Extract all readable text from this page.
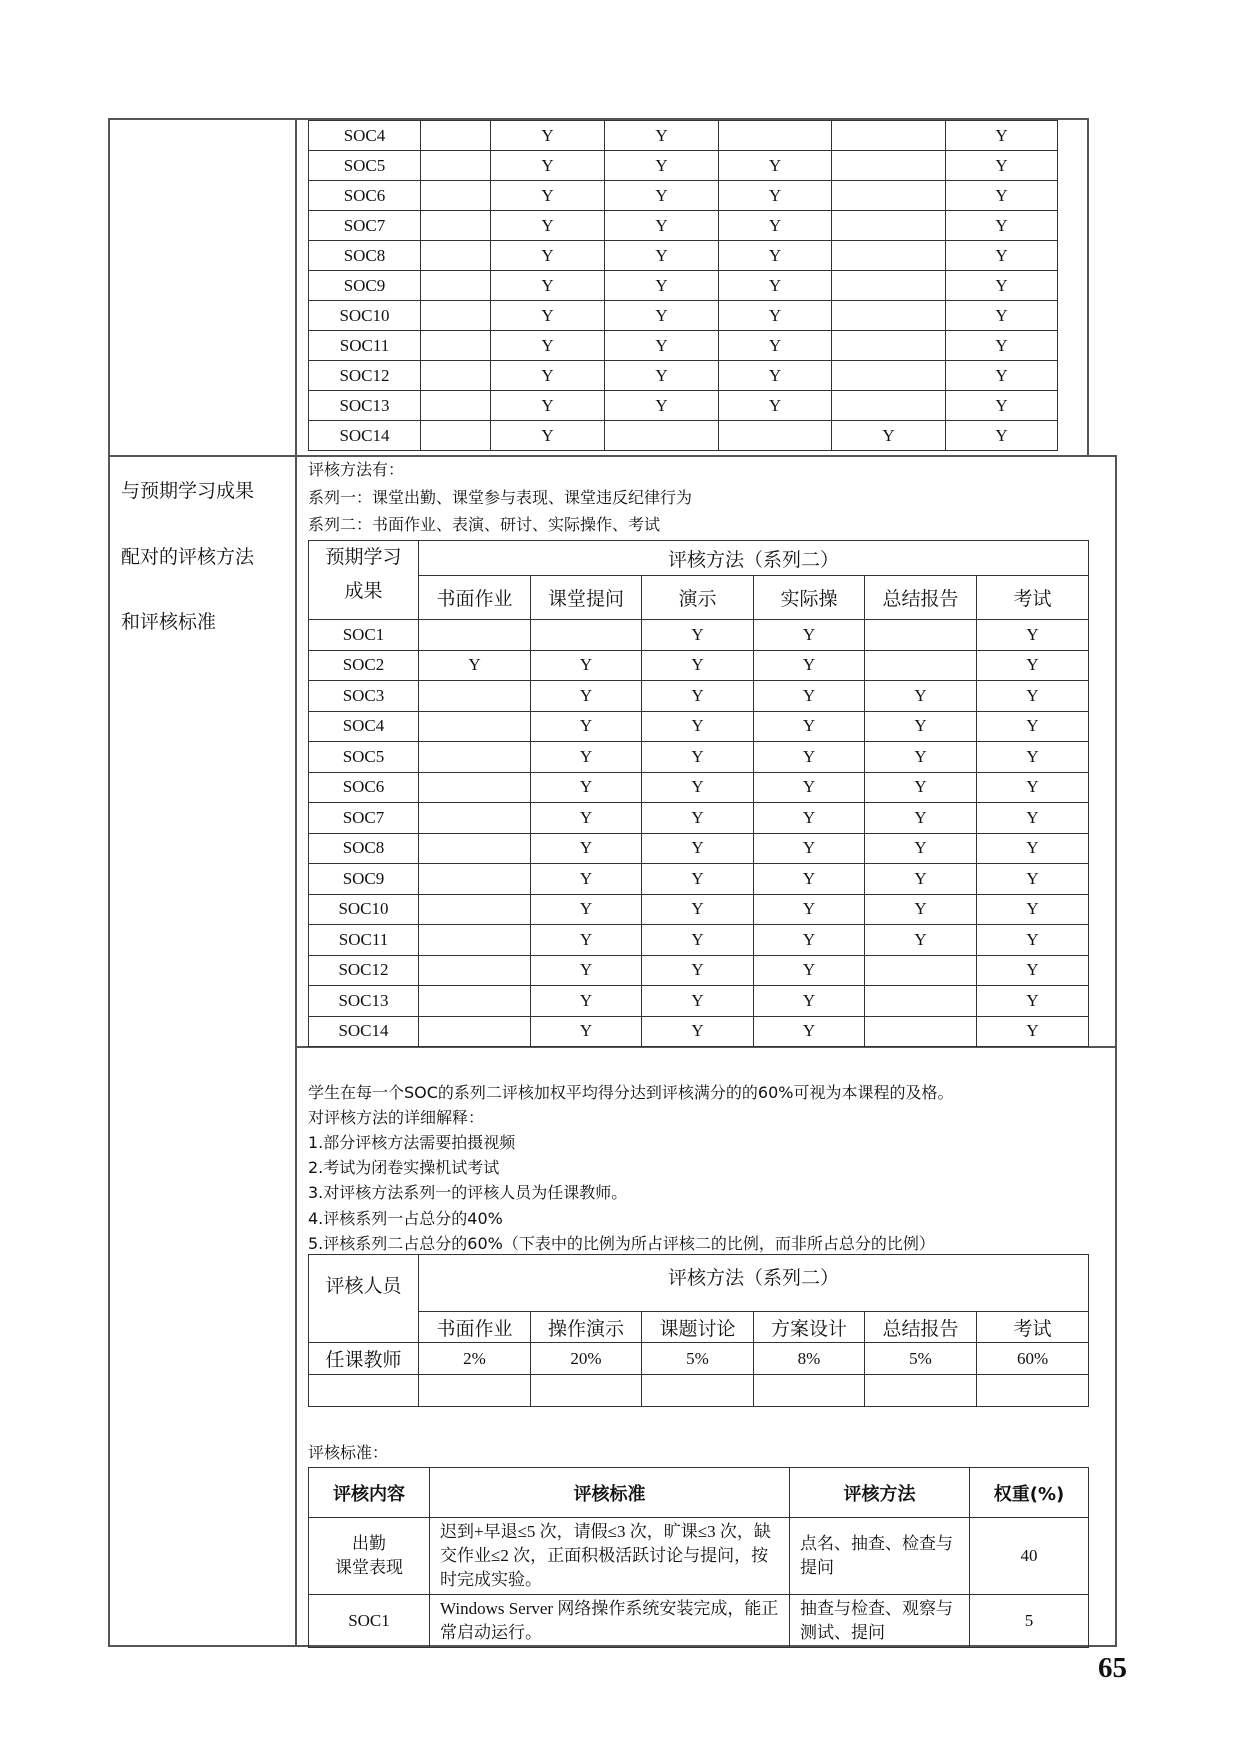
SOC4		Y	Y			Y
SOC5		Y	Y	Y		Y
SOC6		Y	Y	Y		Y
SOC7		Y	Y	Y		Y
SOC8		Y	Y	Y		Y
SOC9		Y	Y	Y		Y
SOC10		Y	Y	Y		Y
SOC11		Y	Y	Y		Y
SOC12		Y	Y	Y		Y
SOC13		Y	Y	Y		Y
SOC14		Y			Y	Y
与预期学习成果
配对的评核方法
和评核标准
评核方法有：
系列一：课堂出勤、课堂参与表现、课堂违反纪律行为
系列二：书面作业、表演、研讨、实际操作、考试
预期学习
成果	评核方法（系列二）					
	书面作业	课堂提问	演示	实际操	总结报告	考试
SOC1			Y	Y		Y
SOC2	Y	Y	Y	Y		Y
SOC3		Y	Y	Y	Y	Y
SOC4		Y	Y	Y	Y	Y
SOC5		Y	Y	Y	Y	Y
SOC6		Y	Y	Y	Y	Y
SOC7		Y	Y	Y	Y	Y
SOC8		Y	Y	Y	Y	Y
SOC9		Y	Y	Y	Y	Y
SOC10		Y	Y	Y	Y	Y
SOC11		Y	Y	Y	Y	Y
SOC12		Y	Y	Y		Y
SOC13		Y	Y	Y		Y
SOC14		Y	Y	Y		Y
学生在每一个SOC的系列二评核加权平均得分达到评核满分的的60%可视为本课程的及格。
对评核方法的详细解释：
1.部分评核方法需要拍摄视频
2.考试为闭卷实操机试考试
3.对评核方法系列一的评核人员为任课教师。
4.评核系列一占总分的40%
5.评核系列二占总分的60%（下表中的比例为所占评核二的比例，而非所占总分的比例）
评核人员	评核方法（系列二）					
	书面作业	操作演示	课题讨论	方案设计	总结报告	考试
任课教师	2%	20%	5%	8%	5%	60%

评核标准：
评核内容	评核标准	评核方法	权重(%)
出勤
课堂表现	迟到+早退≤5 次，请假≤3 次，旷课≤3 次，缺交作业≤2 次，正面积极活跃讨论与提问，按时完成实验。	点名、抽查、检查与提问	40
SOC1	Windows Server 网络操作系统安装完成，能正常启动运行。	抽查与检查、观察与测试、提问	5
65
